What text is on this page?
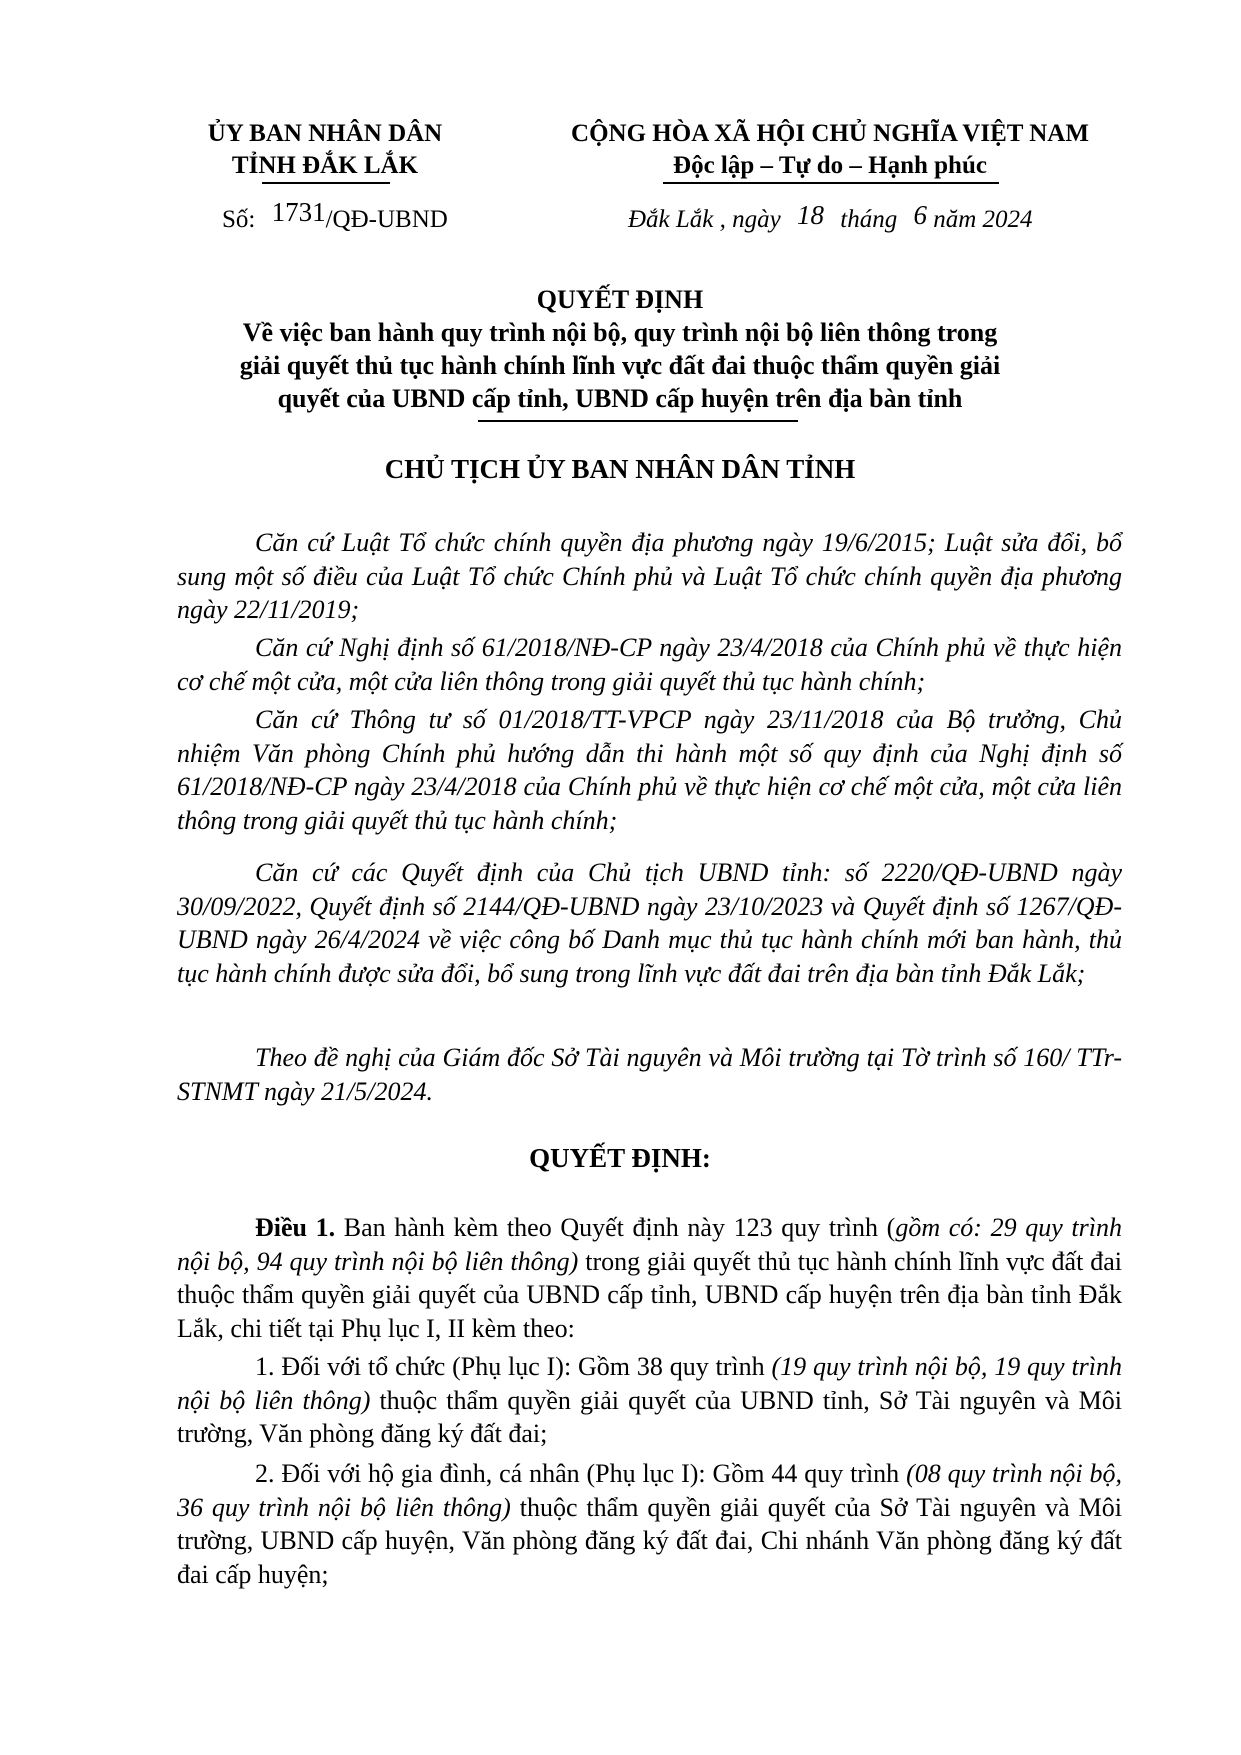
ỦY BAN NHÂN DÂN
TỈNH ĐẮK LẮK
CỘNG HÒA XÃ HỘI CHỦ NGHĨA VIỆT NAM
Độc lập – Tự do – Hạnh phúc
Số: 1731/QĐ-UBND	Đắk Lắk , ngày 18 tháng 6 năm 2024
QUYẾT ĐỊNH
Về việc ban hành quy trình nội bộ, quy trình nội bộ liên thông trong
giải quyết thủ tục hành chính lĩnh vực đất đai thuộc thẩm quyền giải
quyết của UBND cấp tỉnh, UBND cấp huyện trên địa bàn tỉnh
CHỦ TỊCH ỦY BAN NHÂN DÂN TỈNH
Căn cứ Luật Tổ chức chính quyền địa phương ngày 19/6/2015; Luật sửa đổi, bổ sung một số điều của Luật Tổ chức Chính phủ và Luật Tổ chức chính quyền địa phương ngày 22/11/2019;
Căn cứ Nghị định số 61/2018/NĐ-CP ngày 23/4/2018 của Chính phủ về thực hiện cơ chế một cửa, một cửa liên thông trong giải quyết thủ tục hành chính;
Căn cứ Thông tư số 01/2018/TT-VPCP ngày 23/11/2018 của Bộ trưởng, Chủ nhiệm Văn phòng Chính phủ hướng dẫn thi hành một số quy định của Nghị định số 61/2018/NĐ-CP ngày 23/4/2018 của Chính phủ về thực hiện cơ chế một cửa, một cửa liên thông trong giải quyết thủ tục hành chính;
Căn cứ các Quyết định của Chủ tịch UBND tỉnh: số 2220/QĐ-UBND ngày 30/09/2022, Quyết định số 2144/QĐ-UBND ngày 23/10/2023 và Quyết định số 1267/QĐ-UBND ngày 26/4/2024 về việc công bố Danh mục thủ tục hành chính mới ban hành, thủ tục hành chính được sửa đổi, bổ sung trong lĩnh vực đất đai trên địa bàn tỉnh Đắk Lắk;
Theo đề nghị của Giám đốc Sở Tài nguyên và Môi trường tại Tờ trình số 160/ TTr-STNMT ngày 21/5/2024.
QUYẾT ĐỊNH:
Điều 1. Ban hành kèm theo Quyết định này 123 quy trình (gồm có: 29 quy trình nội bộ, 94 quy trình nội bộ liên thông) trong giải quyết thủ tục hành chính lĩnh vực đất đai thuộc thẩm quyền giải quyết của UBND cấp tỉnh, UBND cấp huyện trên địa bàn tỉnh Đắk Lắk, chi tiết tại Phụ lục I, II kèm theo:
1. Đối với tổ chức (Phụ lục I): Gồm 38 quy trình (19 quy trình nội bộ, 19 quy trình nội bộ liên thông) thuộc thẩm quyền giải quyết của UBND tỉnh, Sở Tài nguyên và Môi trường, Văn phòng đăng ký đất đai;
2. Đối với hộ gia đình, cá nhân (Phụ lục I): Gồm 44 quy trình (08 quy trình nội bộ, 36 quy trình nội bộ liên thông) thuộc thẩm quyền giải quyết của Sở Tài nguyên và Môi trường, UBND cấp huyện, Văn phòng đăng ký đất đai, Chi nhánh Văn phòng đăng ký đất đai cấp huyện;
